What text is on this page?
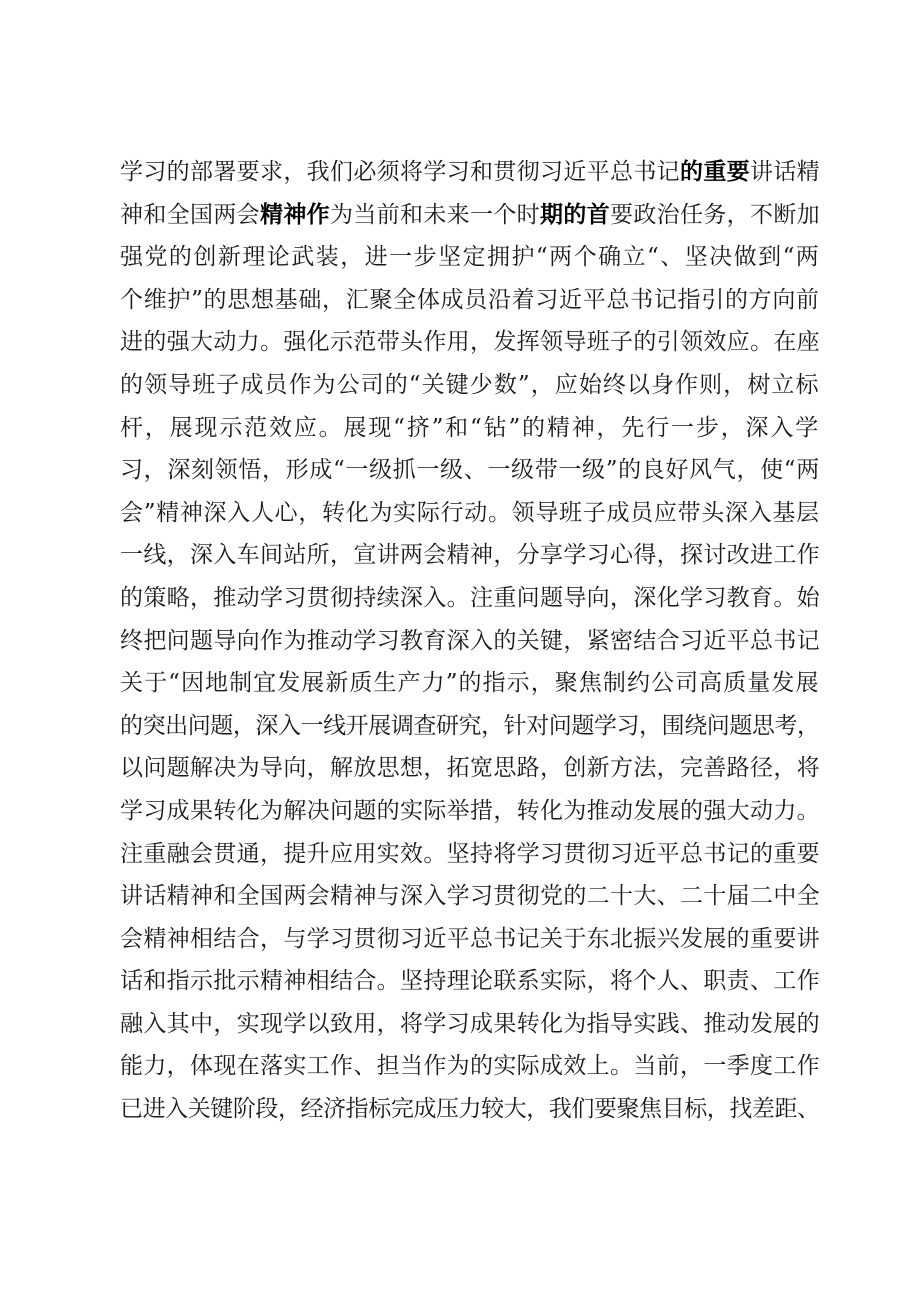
学习的部署要求，我们必须将学习和贯彻习近平总书记的重要讲话精
神和全国两会精神作为当前和未来一个时期的首要政治任务，不断加
强党的创新理论武装，进一步坚定拥护“两个确立“、坚决做到“两
个维护”的思想基础，汇聚全体成员沿着习近平总书记指引的方向前
进的强大动力。强化示范带头作用，发挥领导班子的引领效应。在座
的领导班子成员作为公司的“关键少数”，应始终以身作则，树立标
杆，展现示范效应。展现“挤”和“钻”的精神，先行一步，深入学
习，深刻领悟，形成“一级抓一级、一级带一级”的良好风气，使“两
会”精神深入人心，转化为实际行动。领导班子成员应带头深入基层
一线，深入车间站所，宣讲两会精神，分享学习心得，探讨改进工作
的策略，推动学习贯彻持续深入。注重问题导向，深化学习教育。始
终把问题导向作为推动学习教育深入的关键，紧密结合习近平总书记
关于“因地制宜发展新质生产力”的指示，聚焦制约公司高质量发展
的突出问题，深入一线开展调查研究，针对问题学习，围绕问题思考，
以问题解决为导向，解放思想，拓宽思路，创新方法，完善路径，将
学习成果转化为解决问题的实际举措，转化为推动发展的强大动力。
注重融会贯通，提升应用实效。坚持将学习贯彻习近平总书记的重要
讲话精神和全国两会精神与深入学习贯彻党的二十大、二十届二中全
会精神相结合，与学习贯彻习近平总书记关于东北振兴发展的重要讲
话和指示批示精神相结合。坚持理论联系实际，将个人、职责、工作
融入其中，实现学以致用，将学习成果转化为指导实践、推动发展的
能力，体现在落实工作、担当作为的实际成效上。当前，一季度工作
已进入关键阶段，经济指标完成压力较大，我们要聚焦目标，找差距、
